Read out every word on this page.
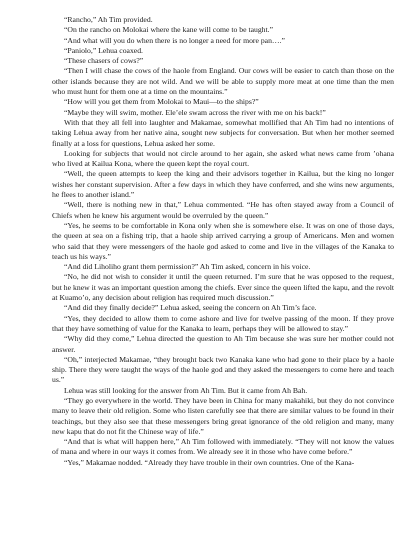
“Rancho,” Ah Tim provided.

“On the rancho on Molokai where the kane will come to be taught.”

“And what will you do when there is no longer a need for more pan….”

“Paniolo,” Lehua coaxed.

“These chasers of cows?”

“Then I will chase the cows of the haole from England. Our cows will be easier to catch than those on the other islands because they are not wild. And we will be able to supply more meat at one time than the men who must hunt for them one at a time on the mountains.”

“How will you get them from Molokai to Maui—to the ships?”

“Maybe they will swim, mother. Ele’ele swam across the river with me on his back!”

With that they all fell into laughter and Makamae, somewhat mollified that Ah Tim had no intentions of taking Lehua away from her native aina, sought new subjects for conversation. But when her mother seemed finally at a loss for questions, Lehua asked her some.

Looking for subjects that would not circle around to her again, she asked what news came from ’ohana who lived at Kailua Kona, where the queen kept the royal court.

“Well, the queen attempts to keep the king and their advisors together in Kailua, but the king no longer wishes her constant supervision. After a few days in which they have conferred, and she wins new arguments, he flees to another island.”

“Well, there is nothing new in that,” Lehua commented. “He has often stayed away from a Council of Chiefs when he knew his argument would be overruled by the queen.”

“Yes, he seems to be comfortable in Kona only when she is somewhere else. It was on one of those days, the queen at sea on a fishing trip, that a haole ship arrived carrying a group of Americans. Men and women who said that they were messengers of the haole god asked to come and live in the villages of the Kanaka to teach us his ways.”

“And did Liholiho grant them permission?” Ah Tim asked, concern in his voice.

“No, he did not wish to consider it until the queen returned. I’m sure that he was opposed to the request, but he knew it was an important question among the chiefs. Ever since the queen lifted the kapu, and the revolt at Kuamo’o, any decision about religion has required much discussion.”

“And did they finally decide?” Lehua asked, seeing the concern on Ah Tim’s face.

“Yes, they decided to allow them to come ashore and live for twelve passing of the moon. If they prove that they have something of value for the Kanaka to learn, perhaps they will be allowed to stay.”

“Why did they come,” Lehua directed the question to Ah Tim because she was sure her mother could not answer.

“Oh,” interjected Makamae, “they brought back two Kanaka kane who had gone to their place by a haole ship. There they were taught the ways of the haole god and they asked the messengers to come here and teach us.”

Lehua was still looking for the answer from Ah Tim. But it came from Ah Bah.

“They go everywhere in the world. They have been in China for many makahiki, but they do not convince many to leave their old religion. Some who listen carefully see that there are similar values to be found in their teachings, but they also see that these messengers bring great ignorance of the old religion and many, many new kapu that do not fit the Chinese way of life.”

“And that is what will happen here,” Ah Tim followed with immediately. “They will not know the values of mana and where in our ways it comes from. We already see it in those who have come before.”

“Yes,” Makamae nodded. “Already they have trouble in their own countries. One of the Kana-
